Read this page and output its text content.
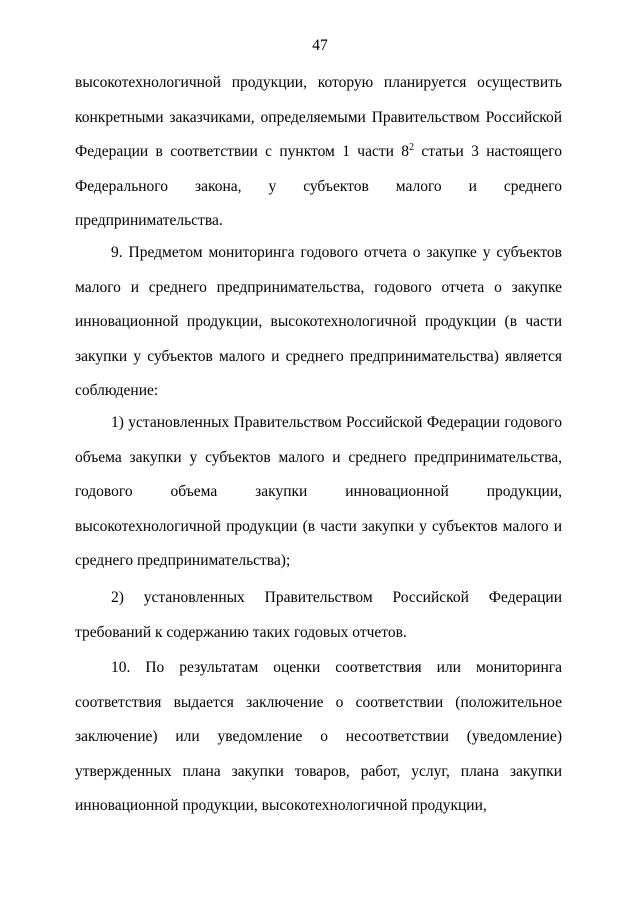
47

высокотехнологичной продукции, которую планируется осуществить конкретными заказчиками, определяемыми Правительством Российской Федерации в соответствии с пунктом 1 части $8^2$ статьи 3 настоящего Федерального закона, у субъектов малого и среднего предпринимательства.

9. Предметом мониторинга годового отчета о закупке у субъектов малого и среднего предпринимательства, годового отчета о закупке инновационной продукции, высокотехнологичной продукции (в части закупки у субъектов малого и среднего предпринимательства) является соблюдение:

1) установленных Правительством Российской Федерации годового объема закупки у субъектов малого и среднего предпринимательства, годового объема закупки инновационной продукции, высокотехнологичной продукции (в части закупки у субъектов малого и среднего предпринимательства);

2) установленных Правительством Российской Федерации требований к содержанию таких годовых отчетов.

10. По результатам оценки соответствия или мониторинга соответствия выдается заключение о соответствии (положительное заключение) или уведомление о несоответствии (уведомление) утвержденных плана закупки товаров, работ, услуг, плана закупки инновационной продукции, высокотехнологичной продукции,
